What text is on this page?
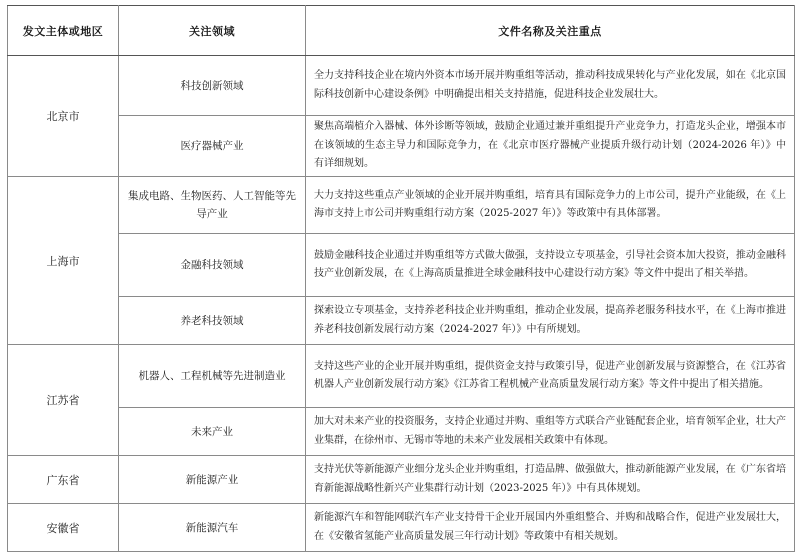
发文主体或地区	关注领域	文件名称及关注重点
北京市	科技创新领域	全力支持科技企业在境内外资本市场开展并购重组等活动，推动科技成果转化与产业化发展，如在《北京国际科技创新中心建设条例》中明确提出相关支持措施，促进科技企业发展壮大。
	医疗器械产业	聚焦高端植介入器械、体外诊断等领域，鼓励企业通过兼并重组提升产业竞争力，打造龙头企业，增强本市在该领域的生态主导力和国际竞争力，在《北京市医疗器械产业提质升级行动计划（2024-2026 年）》中有详细规划。
上海市	集成电路、生物医药、人工智能等先导产业	大力支持这些重点产业领域的企业开展并购重组，培育具有国际竞争力的上市公司，提升产业能级，在《上海市支持上市公司并购重组行动方案（2025-2027 年）》等政策中有具体部署。
	金融科技领域	鼓励金融科技企业通过并购重组等方式做大做强，支持设立专项基金，引导社会资本加大投资，推动金融科技产业创新发展，在《上海高质量推进全球金融科技中心建设行动方案》等文件中提出了相关举措。
	养老科技领域	探索设立专项基金，支持养老科技企业并购重组，推动企业发展，提高养老服务科技水平，在《上海市推进养老科技创新发展行动方案（2024-2027 年）》中有所规划。
江苏省	机器人、工程机械等先进制造业	支持这些产业的企业开展并购重组，提供资金支持与政策引导，促进产业创新发展与资源整合，在《江苏省机器人产业创新发展行动方案》《江苏省工程机械产业高质量发展行动方案》等文件中提出了相关措施。
	未来产业	加大对未来产业的投资服务，支持企业通过并购、重组等方式联合产业链配套企业，培育领军企业，壮大产业集群，在徐州市、无锡市等地的未来产业发展相关政策中有体现。
广东省	新能源产业	支持光伏等新能源产业细分龙头企业并购重组，打造品牌、做强做大，推动新能源产业发展，在《广东省培育新能源战略性新兴产业集群行动计划（2023-2025 年）》中有具体规划。
安徽省	新能源汽车	新能源汽车和智能网联汽车产业支持骨干企业开展国内外重组整合、并购和战略合作，促进产业发展壮大，在《安徽省氢能产业高质量发展三年行动计划》等政策中有相关规划。
